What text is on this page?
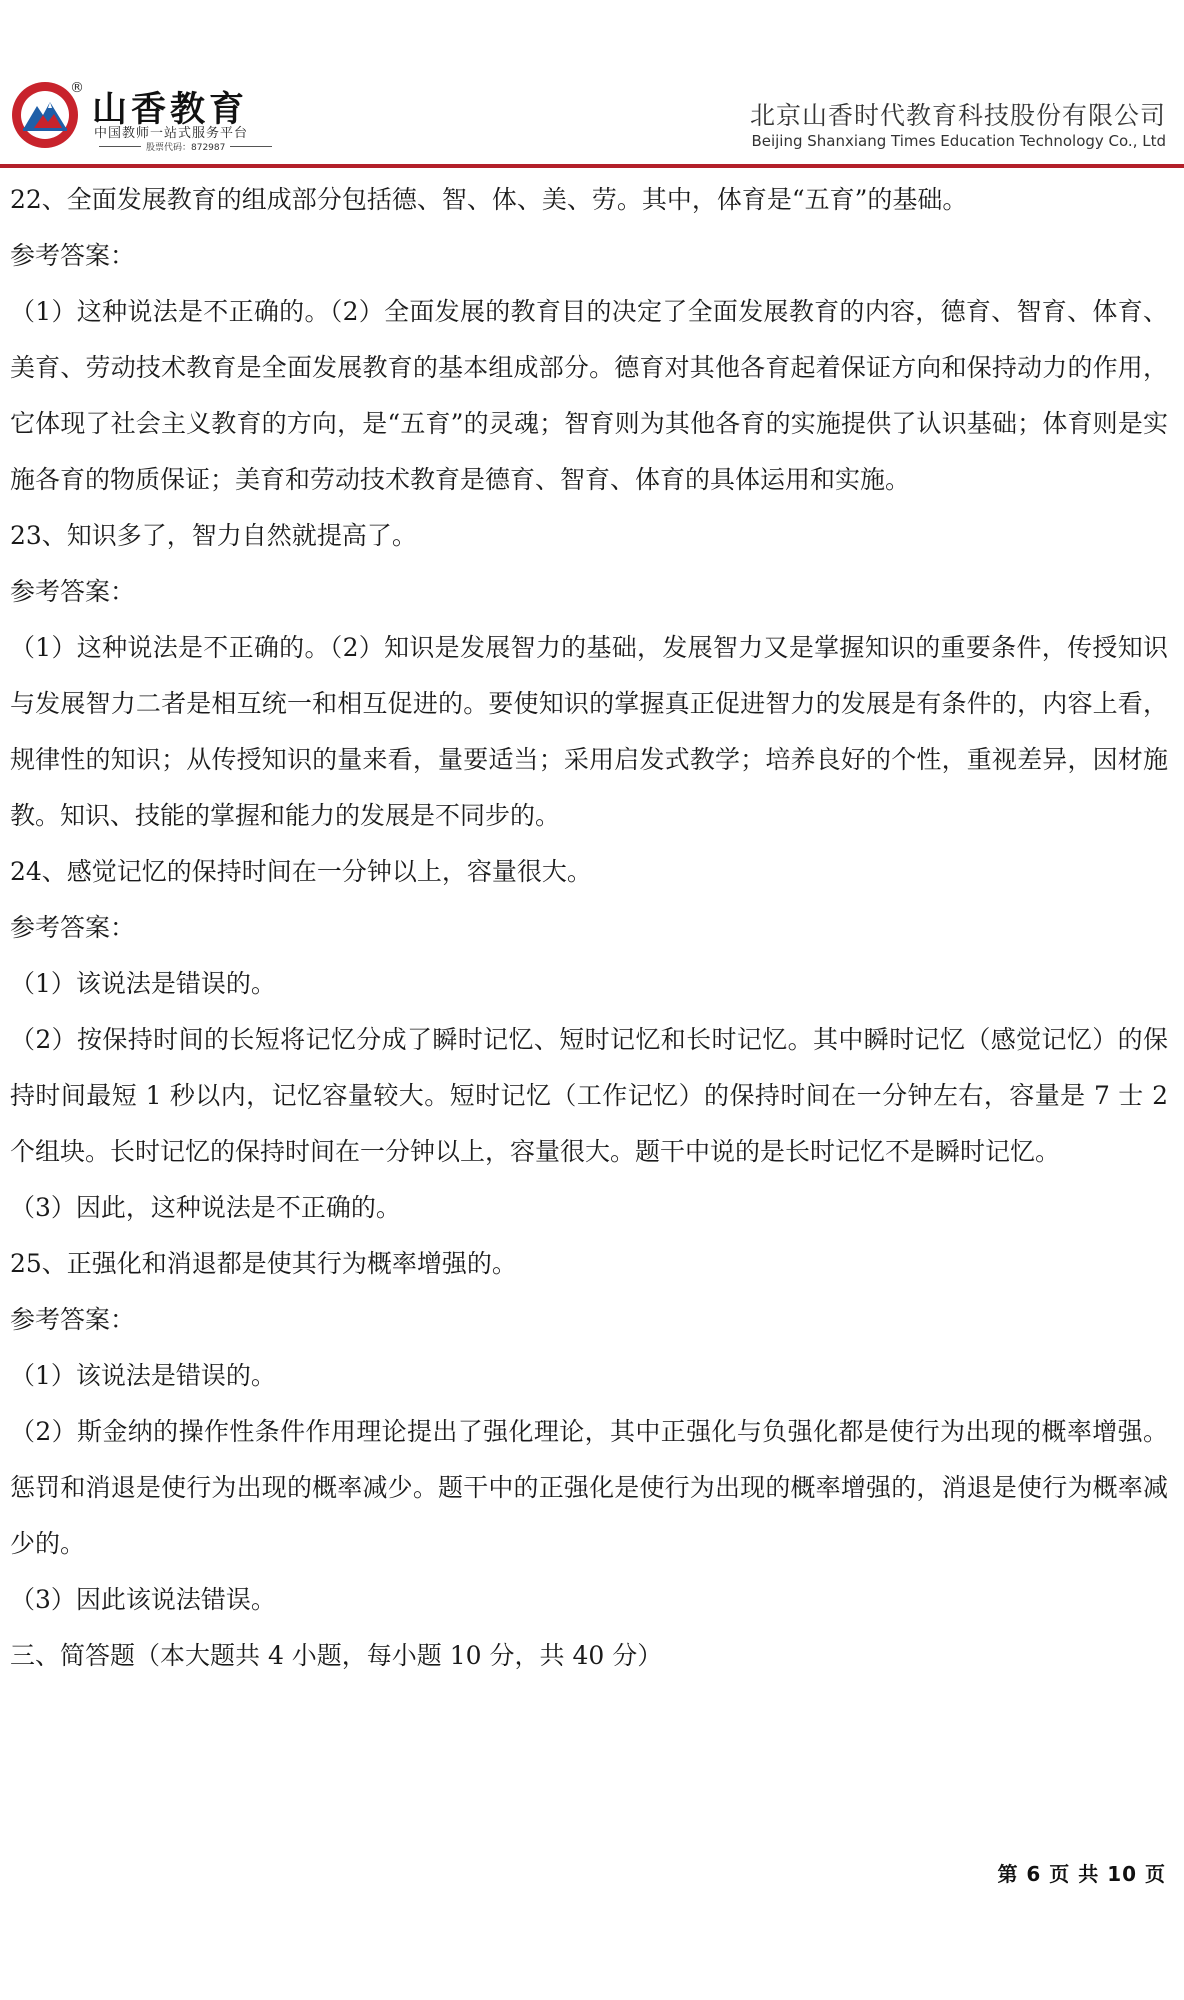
®
山香教育
中国教师一站式服务平台
股票代码：872987
北京山香时代教育科技股份有限公司
Beijing Shanxiang Times Education Technology Co., Ltd

22、全面发展教育的组成部分包括德、智、体、美、劳。其中，体育是“五育”的基础。

参考答案：

（1）这种说法是不正确的。（2）全面发展的教育目的决定了全面发展教育的内容，德育、智育、体育、美育、劳动技术教育是全面发展教育的基本组成部分。德育对其他各育起着保证方向和保持动力的作用，它体现了社会主义教育的方向，是“五育”的灵魂；智育则为其他各育的实施提供了认识基础；体育则是实施各育的物质保证；美育和劳动技术教育是德育、智育、体育的具体运用和实施。

23、知识多了，智力自然就提高了。

参考答案：

（1）这种说法是不正确的。（2）知识是发展智力的基础，发展智力又是掌握知识的重要条件，传授知识与发展智力二者是相互统一和相互促进的。要使知识的掌握真正促进智力的发展是有条件的，内容上看，规律性的知识；从传授知识的量来看，量要适当；采用启发式教学；培养良好的个性，重视差异，因材施教。知识、技能的掌握和能力的发展是不同步的。

24、感觉记忆的保持时间在一分钟以上，容量很大。

参考答案：

（1）该说法是错误的。

（2）按保持时间的长短将记忆分成了瞬时记忆、短时记忆和长时记忆。其中瞬时记忆（感觉记忆）的保持时间最短 1 秒以内，记忆容量较大。短时记忆（工作记忆）的保持时间在一分钟左右，容量是 7 士 2 个组块。长时记忆的保持时间在一分钟以上，容量很大。题干中说的是长时记忆不是瞬时记忆。

（3）因此，这种说法是不正确的。

25、正强化和消退都是使其行为概率增强的。

参考答案：

（1）该说法是错误的。

（2）斯金纳的操作性条件作用理论提出了强化理论，其中正强化与负强化都是使行为出现的概率增强。惩罚和消退是使行为出现的概率减少。题干中的正强化是使行为出现的概率增强的，消退是使行为概率减少的。

（3）因此该说法错误。

三、简答题（本大题共 4 小题，每小题 10 分，共 40 分）

第 6 页 共 10 页
